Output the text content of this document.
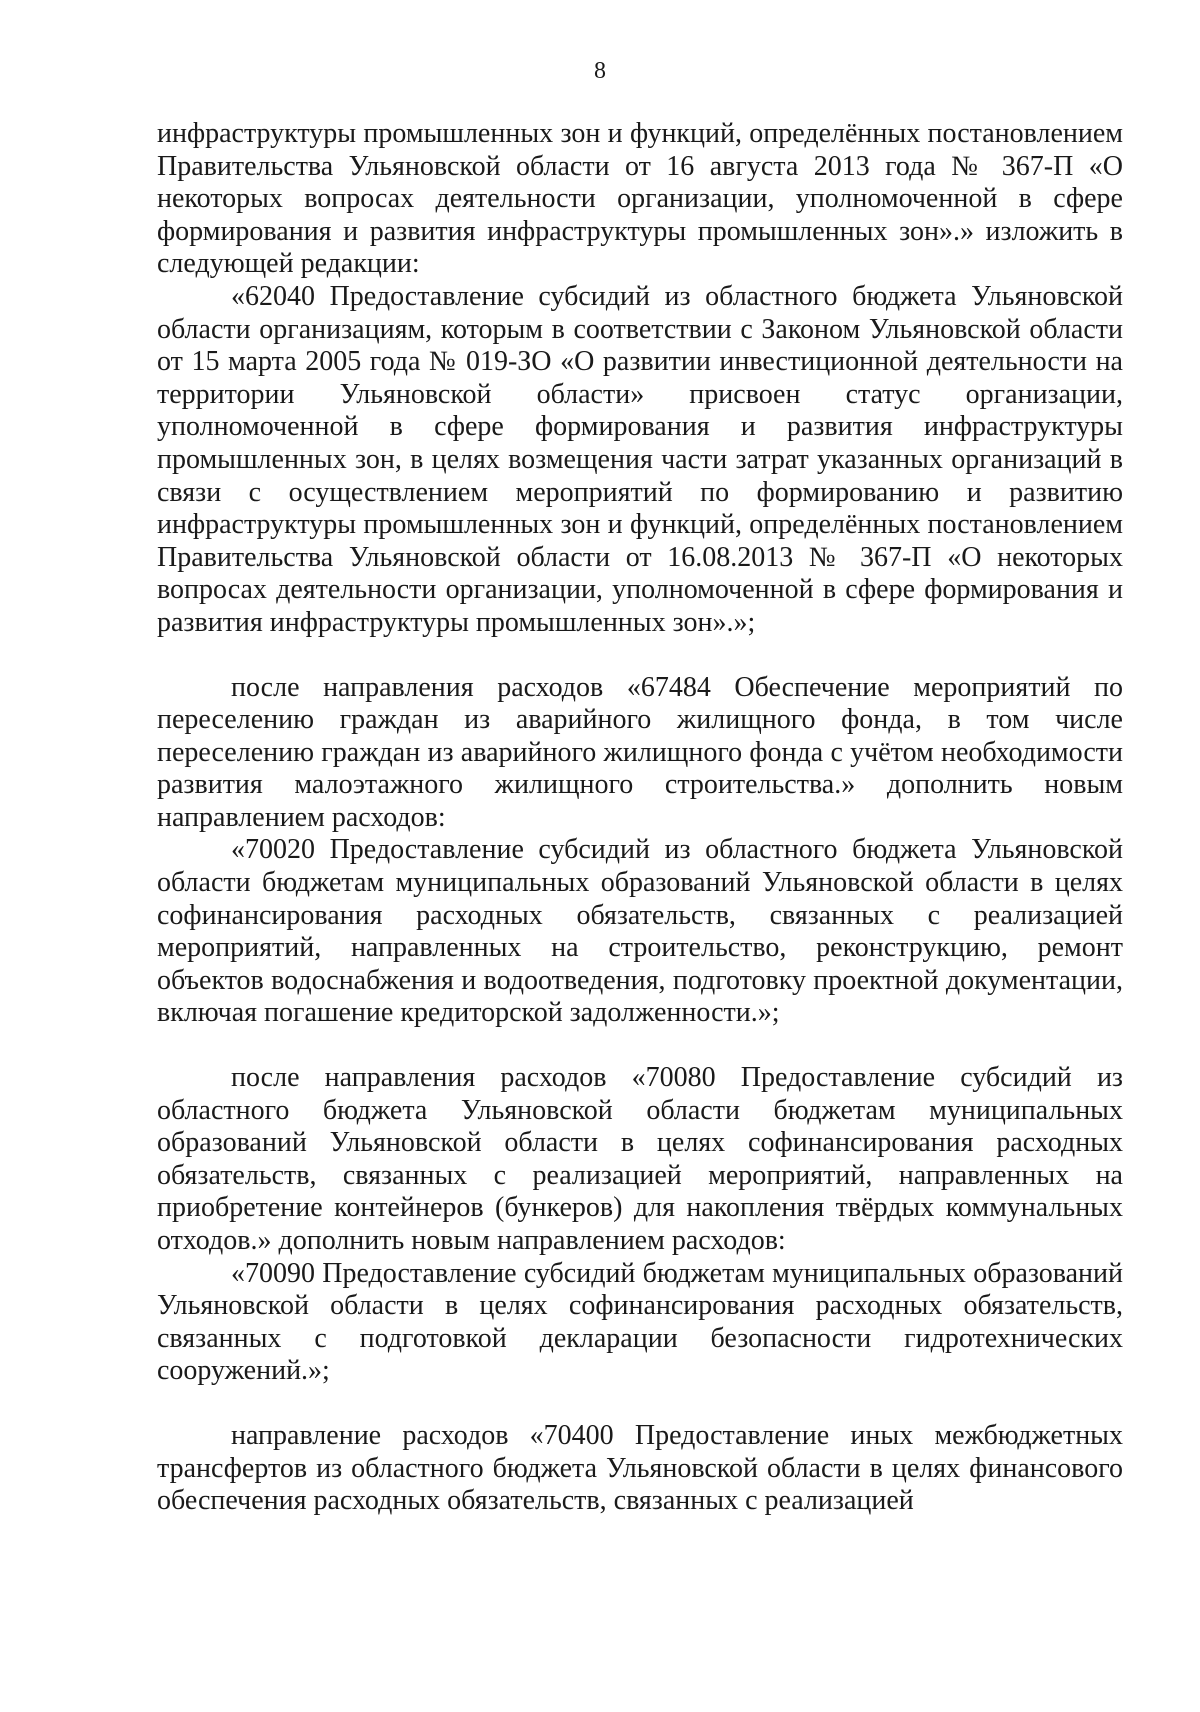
8

инфраструктуры промышленных зон и функций, определённых постановлением Правительства Ульяновской области от 16 августа 2013 года № 367-П «О некоторых вопросах деятельности организации, уполномоченной в сфере формирования и развития инфраструктуры промышленных зон».» изложить в следующей редакции:

«62040 Предоставление субсидий из областного бюджета Ульяновской области организациям, которым в соответствии с Законом Ульяновской области от 15 марта 2005 года № 019-ЗО «О развитии инвестиционной деятельности на территории Ульяновской области» присвоен статус организации, уполномоченной в сфере формирования и развития инфраструктуры промышленных зон, в целях возмещения части затрат указанных организаций в связи с осуществлением мероприятий по формированию и развитию инфраструктуры промышленных зон и функций, определённых постановлением Правительства Ульяновской области от 16.08.2013 № 367-П «О некоторых вопросах деятельности организации, уполномоченной в сфере формирования и развития инфраструктуры промышленных зон».»;

после направления расходов «67484 Обеспечение мероприятий по переселению граждан из аварийного жилищного фонда, в том числе переселению граждан из аварийного жилищного фонда с учётом необходимости развития малоэтажного жилищного строительства.» дополнить новым направлением расходов:

«70020 Предоставление субсидий из областного бюджета Ульяновской области бюджетам муниципальных образований Ульяновской области в целях софинансирования расходных обязательств, связанных с реализацией мероприятий, направленных на строительство, реконструкцию, ремонт объектов водоснабжения и водоотведения, подготовку проектной документации, включая погашение кредиторской задолженности.»;

после направления расходов «70080 Предоставление субсидий из областного бюджета Ульяновской области бюджетам муниципальных образований Ульяновской области в целях софинансирования расходных обязательств, связанных с реализацией мероприятий, направленных на приобретение контейнеров (бункеров) для накопления твёрдых коммунальных отходов.» дополнить новым направлением расходов:

«70090 Предоставление субсидий бюджетам муниципальных образований Ульяновской области в целях софинансирования расходных обязательств, связанных с подготовкой декларации безопасности гидротехнических сооружений.»;

направление расходов «70400 Предоставление иных межбюджетных трансфертов из областного бюджета Ульяновской области в целях финансового обеспечения расходных обязательств, связанных с реализацией
